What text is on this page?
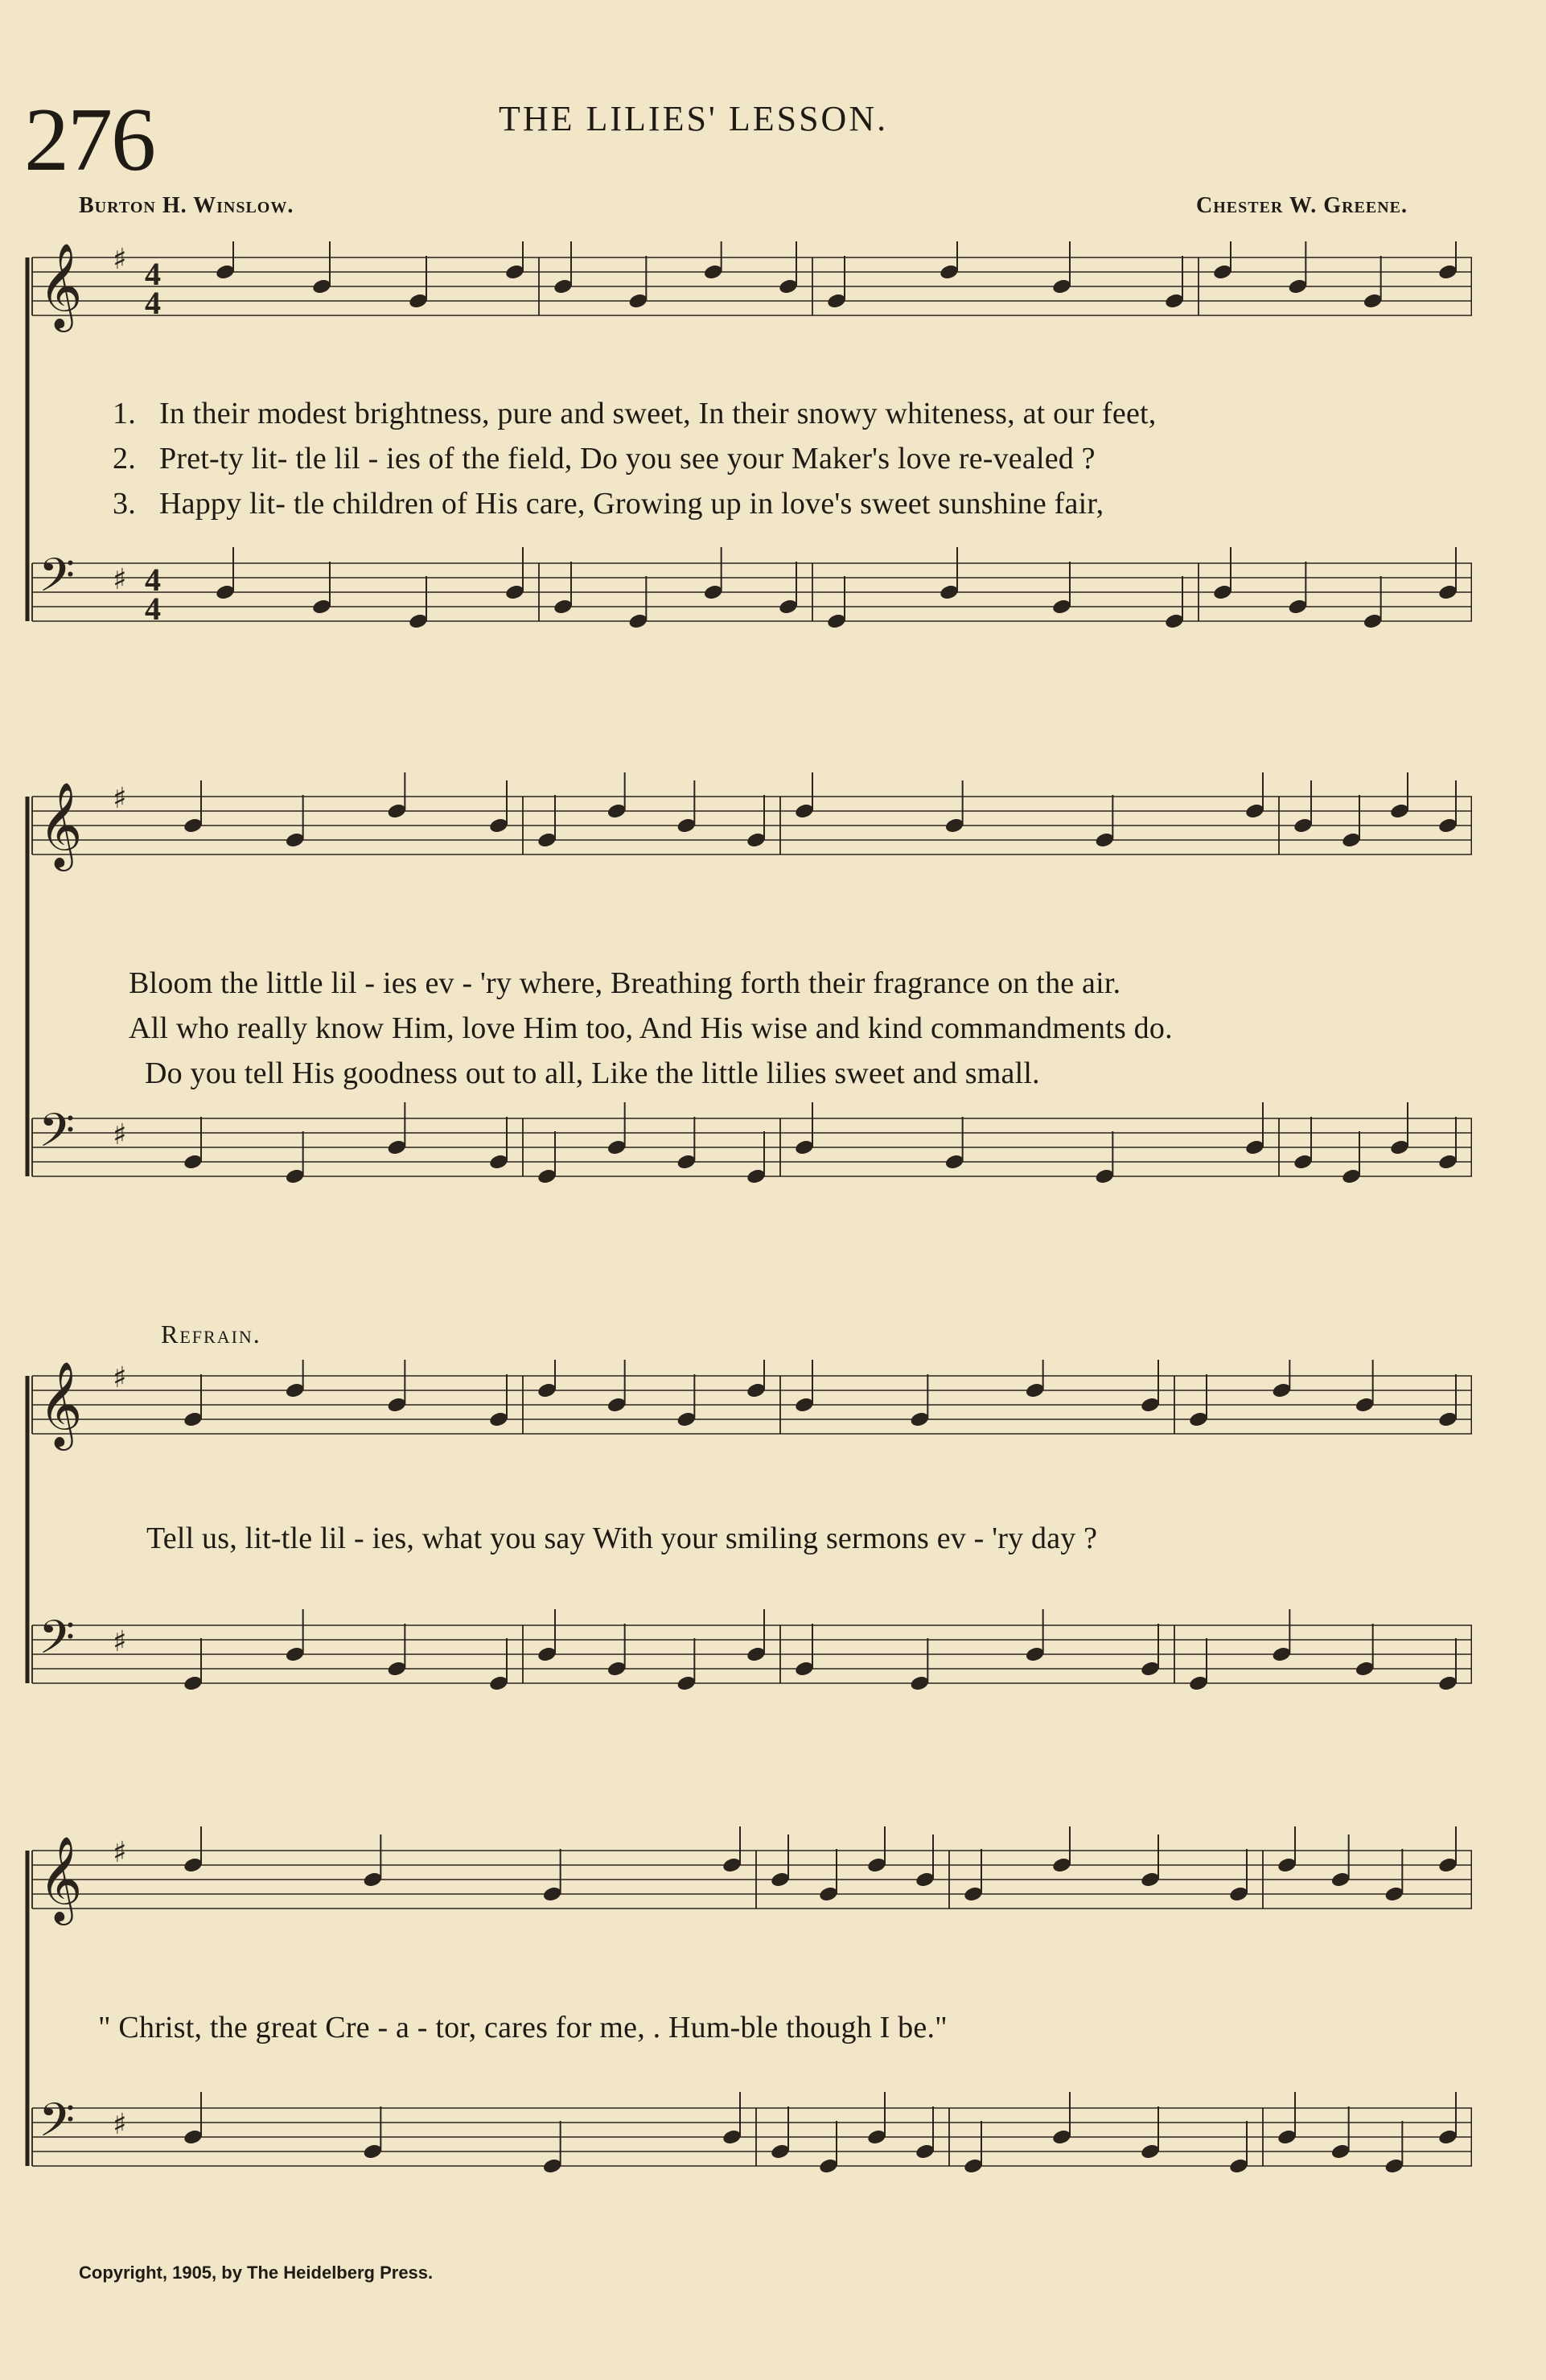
276	THE LILIES' LESSON.
Burton H. Winslow.	Chester W. Greene.
𝄞 ♯ 4
4
𝄢 ♯ 4
4
1. In their modest brightness, pure and sweet, In their snowy whiteness, at our feet,
2. Pret-ty lit- tle lil - ies of the field, Do you see your Maker's love re-vealed ?
3. Happy lit- tle children of His care, Growing up in love's sweet sunshine fair,
𝄞 ♯
𝄢 ♯
Bloom the little lil - ies ev - 'ry where, Breathing forth their fragrance on the air.
All who really know Him, love Him too, And His wise and kind commandments do.
Do you tell His goodness out to all, Like the little lilies sweet and small.
Refrain.
𝄞 ♯
𝄢 ♯
Tell us, lit-tle lil - ies, what you say With your smiling sermons ev - 'ry day ?
𝄞 ♯
𝄢 ♯
" Christ, the great Cre - a - tor, cares for me, . Hum-ble though I be."
Copyright, 1905, by The Heidelberg Press.
